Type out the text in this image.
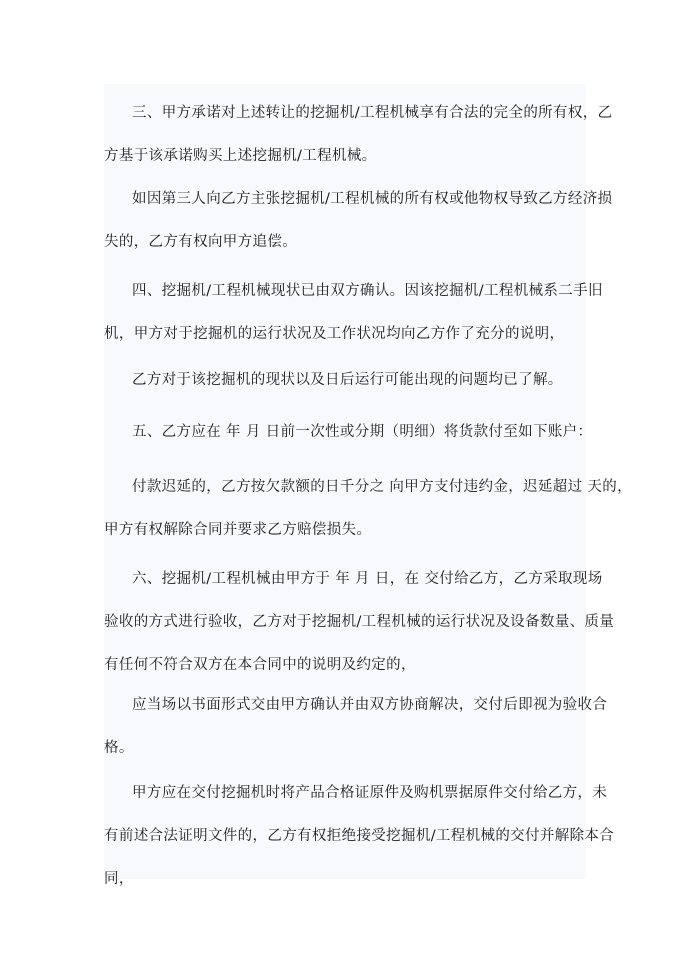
三、甲方承诺对上述转让的挖掘机/工程机械享有合法的完全的所有权，乙
方基于该承诺购买上述挖掘机/工程机械。

如因第三人向乙方主张挖掘机/工程机械的所有权或他物权导致乙方经济损
失的，乙方有权向甲方追偿。

四、挖掘机/工程机械现状已由双方确认。因该挖掘机/工程机械系二手旧
机，甲方对于挖掘机的运行状况及工作状况均向乙方作了充分的说明，

乙方对于该挖掘机的现状以及日后运行可能出现的问题均已了解。

五、乙方应在 年 月 日前一次性或分期（明细）将货款付至如下账户：

付款迟延的，乙方按欠款额的日千分之 向甲方支付违约金，迟延超过 天的，
甲方有权解除合同并要求乙方赔偿损失。

六、挖掘机/工程机械由甲方于 年 月 日，在 交付给乙方，乙方采取现场
验收的方式进行验收，乙方对于挖掘机/工程机械的运行状况及设备数量、质量
有任何不符合双方在本合同中的说明及约定的，

应当场以书面形式交由甲方确认并由双方协商解决，交付后即视为验收合
格。

甲方应在交付挖掘机时将产品合格证原件及购机票据原件交付给乙方，未
有前述合法证明文件的，乙方有权拒绝接受挖掘机/工程机械的交付并解除本合
同，
